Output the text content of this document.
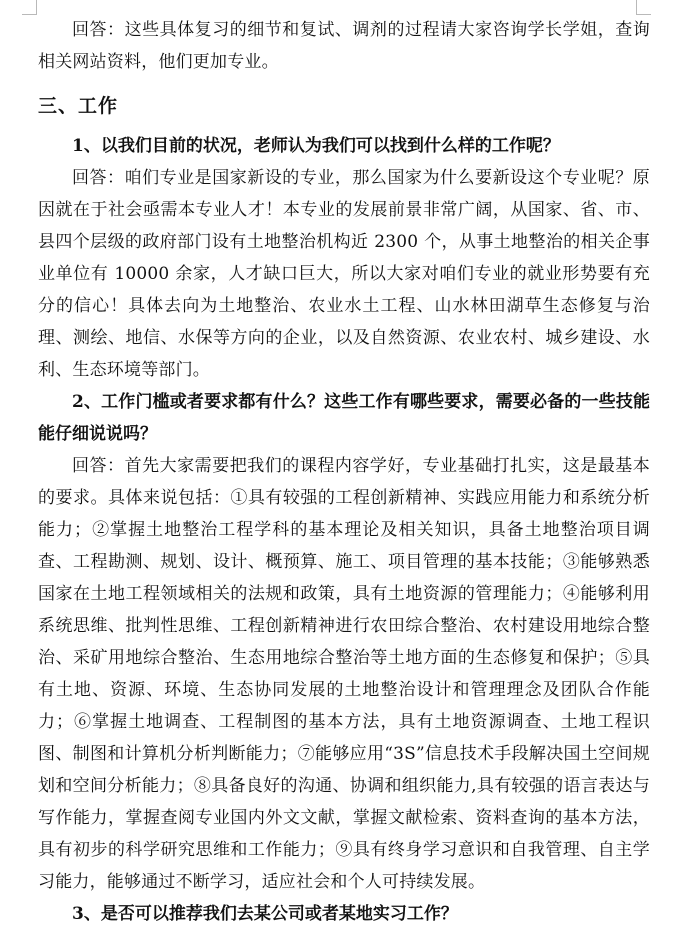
回答：这些具体复习的细节和复试、调剂的过程请大家咨询学长学姐，查询相关网站资料，他们更加专业。

三、工作

1、以我们目前的状况，老师认为我们可以找到什么样的工作呢？

回答：咱们专业是国家新设的专业，那么国家为什么要新设这个专业呢？原因就在于社会亟需本专业人才！本专业的发展前景非常广阔，从国家、省、市、县四个层级的政府部门设有土地整治机构近 2300 个，从事土地整治的相关企事业单位有 10000 余家，人才缺口巨大，所以大家对咱们专业的就业形势要有充分的信心！具体去向为土地整治、农业水土工程、山水林田湖草生态修复与治理、测绘、地信、水保等方向的企业，以及自然资源、农业农村、城乡建设、水利、生态环境等部门。

2、工作门槛或者要求都有什么？这些工作有哪些要求，需要必备的一些技能能仔细说说吗？

回答：首先大家需要把我们的课程内容学好，专业基础打扎实，这是最基本的要求。具体来说包括：①具有较强的工程创新精神、实践应用能力和系统分析能力；②掌握土地整治工程学科的基本理论及相关知识，具备土地整治项目调查、工程勘测、规划、设计、概预算、施工、项目管理的基本技能；③能够熟悉国家在土地工程领域相关的法规和政策，具有土地资源的管理能力；④能够利用系统思维、批判性思维、工程创新精神进行农田综合整治、农村建设用地综合整治、采矿用地综合整治、生态用地综合整治等土地方面的生态修复和保护；⑤具有土地、资源、环境、生态协同发展的土地整治设计和管理理念及团队合作能力；⑥掌握土地调查、工程制图的基本方法，具有土地资源调查、土地工程识图、制图和计算机分析判断能力；⑦能够应用“3S”信息技术手段解决国土空间规划和空间分析能力；⑧具备良好的沟通、协调和组织能力,具有较强的语言表达与写作能力，掌握查阅专业国内外文文献，掌握文献检索、资料查询的基本方法，具有初步的科学研究思维和工作能力；⑨具有终身学习意识和自我管理、自主学习能力，能够通过不断学习，适应社会和个人可持续发展。

3、是否可以推荐我们去某公司或者某地实习工作？
